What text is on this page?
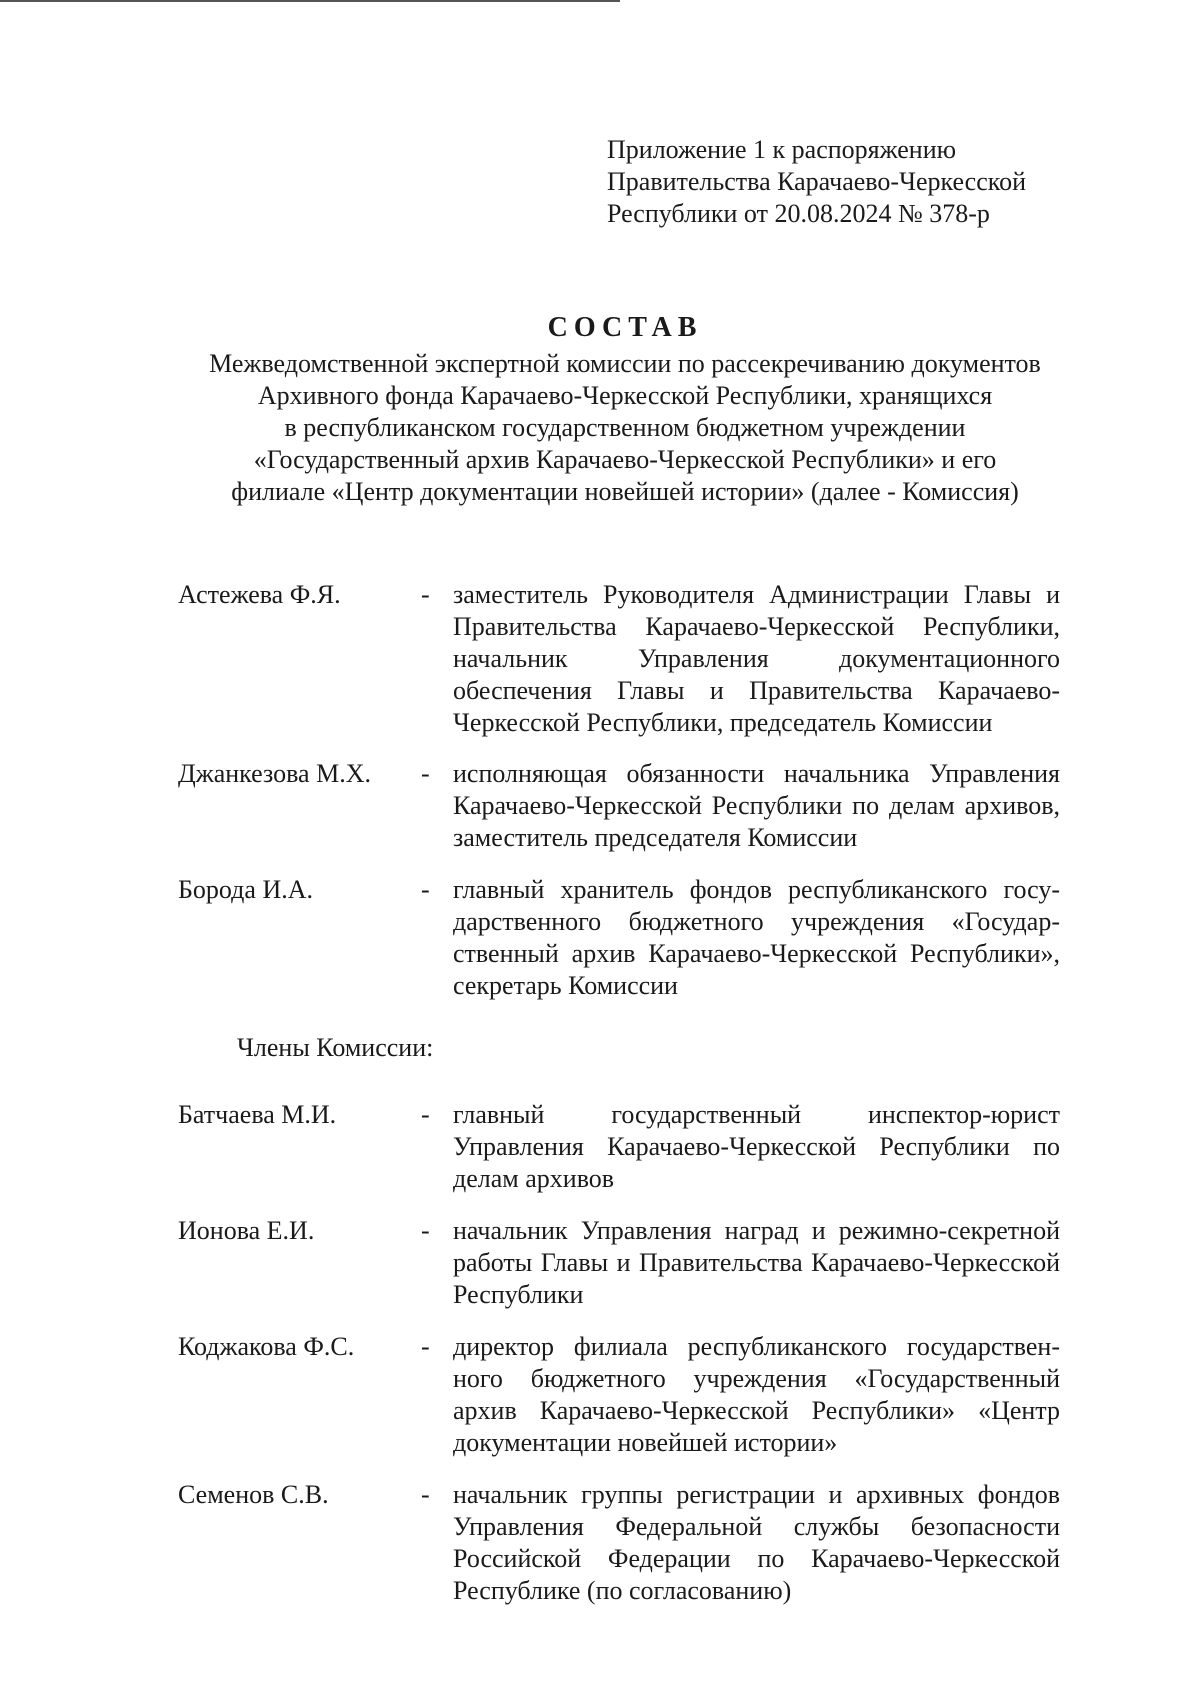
Приложение 1 к распоряжению
Правительства Карачаево-Черкесской
Республики от 20.08.2024 № 378-р
СОСТАВ
Межведомственной экспертной комиссии по рассекречиванию документов
Архивного фонда Карачаево-Черкесской Республики, хранящихся
в республиканском государственном бюджетном учреждении
«Государственный архив Карачаево-Черкесской Республики» и его
филиале «Центр документации новейшей истории» (далее - Комиссия)
Астежева Ф.Я.	- заместитель Руководителя Администрации Главы и Правительства Карачаево-Черкесской Республики, начальник Управления документационного обеспечения Главы и Правительства Карачаево-Черкесской Республики, председатель Комиссии
Джанкезова М.Х. - исполняющая обязанности начальника Управления Карачаево-Черкесской Республики по делам архивов, заместитель председателя Комиссии
Борода И.А.	- главный хранитель фондов республиканского государственного бюджетного учреждения «Государственный архив Карачаево-Черкесской Республики», секретарь Комиссии
Члены Комиссии:
Батчаева М.И.	- главный государственный инспектор-юрист Управления Карачаево-Черкесской Республики по делам архивов
Ионова Е.И.	- начальник Управления наград и режимно-секретной работы Главы и Правительства Карачаево-Черкесской Республики
Коджакова Ф.С.	- директор филиала республиканского государственного бюджетного учреждения «Государственный архив Карачаево-Черкесской Республики» «Центр документации новейшей истории»
Семенов С.В.	- начальник группы регистрации и архивных фондов Управления Федеральной службы безопасности Российской Федерации по Карачаево-Черкесской Республике (по согласованию)
